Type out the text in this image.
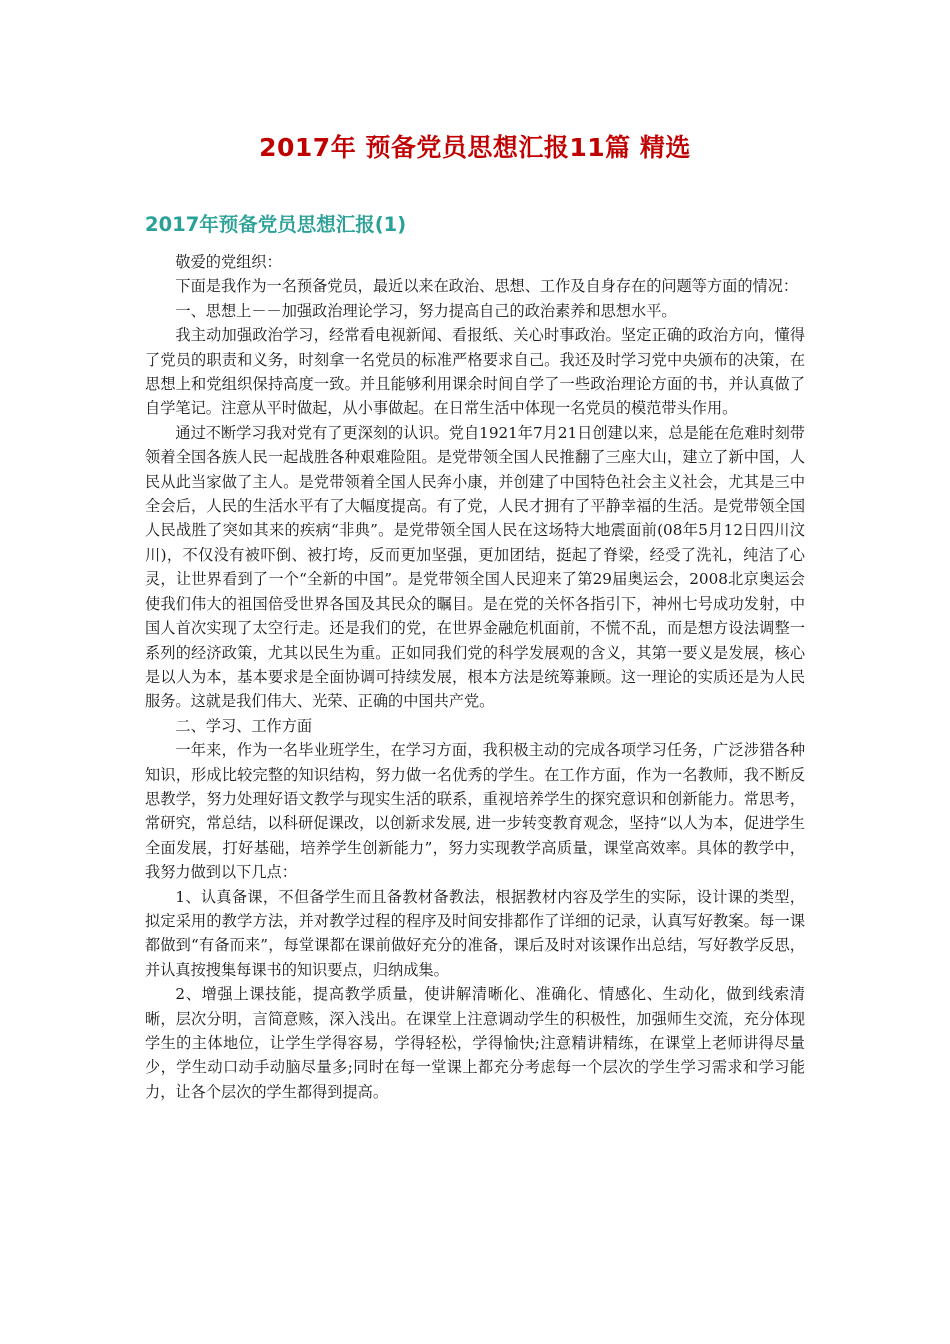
2017年 预备党员思想汇报11篇 精选
2017年预备党员思想汇报(1)

敬爱的党组织：

下面是我作为一名预备党员，最近以来在政治、思想、工作及自身存在的问题等方面的情况：

一、思想上－－加强政治理论学习，努力提高自己的政治素养和思想水平。

我主动加强政治学习，经常看电视新闻、看报纸、关心时事政治。坚定正确的政治方向，懂得了党员的职责和义务，时刻拿一名党员的标准严格要求自己。我还及时学习党中央颁布的决策，在思想上和党组织保持高度一致。并且能够利用课余时间自学了一些政治理论方面的书，并认真做了自学笔记。注意从平时做起，从小事做起。在日常生活中体现一名党员的模范带头作用。

通过不断学习我对党有了更深刻的认识。党自1921年7月21日创建以来，总是能在危难时刻带领着全国各族人民一起战胜各种艰难险阻。是党带领全国人民推翻了三座大山，建立了新中国，人民从此当家做了主人。是党带领着全国人民奔小康，并创建了中国特色社会主义社会，尤其是三中全会后，人民的生活水平有了大幅度提高。有了党，人民才拥有了平静幸福的生活。是党带领全国人民战胜了突如其来的疾病“非典”。是党带领全国人民在这场特大地震面前(08年5月12日四川汶川)，不仅没有被吓倒、被打垮，反而更加坚强，更加团结，挺起了脊梁，经受了洗礼，纯洁了心灵，让世界看到了一个“全新的中国”。是党带领全国人民迎来了第29届奥运会，2008北京奥运会使我们伟大的祖国倍受世界各国及其民众的瞩目。是在党的关怀各指引下，神州七号成功发射，中国人首次实现了太空行走。还是我们的党，在世界金融危机面前，不慌不乱，而是想方设法调整一系列的经济政策，尤其以民生为重。正如同我们党的科学发展观的含义，其第一要义是发展，核心是以人为本，基本要求是全面协调可持续发展，根本方法是统筹兼顾。这一理论的实质还是为人民服务。这就是我们伟大、光荣、正确的中国共产党。

二、学习、工作方面

一年来，作为一名毕业班学生，在学习方面，我积极主动的完成各项学习任务，广泛涉猎各种知识，形成比较完整的知识结构，努力做一名优秀的学生。在工作方面，作为一名教师，我不断反思教学，努力处理好语文教学与现实生活的联系，重视培养学生的探究意识和创新能力。常思考，常研究，常总结，以科研促课改，以创新求发展, 进一步转变教育观念，坚持“以人为本，促进学生全面发展，打好基础，培养学生创新能力”，努力实现教学高质量，课堂高效率。具体的教学中，我努力做到以下几点：

1、认真备课，不但备学生而且备教材备教法，根据教材内容及学生的实际，设计课的类型，拟定采用的教学方法，并对教学过程的程序及时间安排都作了详细的记录，认真写好教案。每一课都做到“有备而来”，每堂课都在课前做好充分的准备，课后及时对该课作出总结，写好教学反思，并认真按搜集每课书的知识要点，归纳成集。

2、增强上课技能，提高教学质量，使讲解清晰化、准确化、情感化、生动化，做到线索清晰，层次分明，言简意赅，深入浅出。在课堂上注意调动学生的积极性，加强师生交流，充分体现学生的主体地位，让学生学得容易，学得轻松，学得愉快;注意精讲精练，在课堂上老师讲得尽量少，学生动口动手动脑尽量多;同时在每一堂课上都充分考虑每一个层次的学生学习需求和学习能力，让各个层次的学生都得到提高。
